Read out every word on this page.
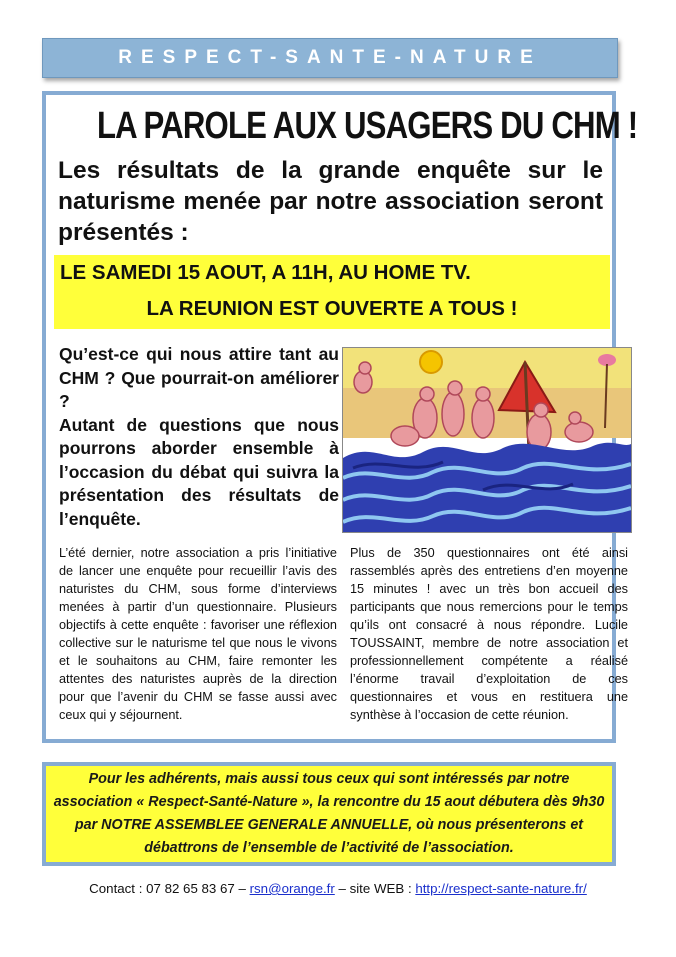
RESPECT-SANTE-NATURE
LA PAROLE AUX USAGERS DU CHM !
Les résultats de la grande enquête sur le naturisme menée par notre association seront présentés :
LE SAMEDI 15 AOUT, A 11H, AU HOME TV.
LA REUNION EST OUVERTE A TOUS !

Qu’est-ce qui nous attire tant au CHM ? Que pourrait-on améliorer ?

Autant de questions que nous pourrons aborder ensemble à l’occasion du débat qui suivra la présentation des résultats de l’enquête.

L’été dernier, notre association a pris l’initiative de lancer une enquête pour recueillir l’avis des naturistes du CHM, sous forme d’interviews menées à partir d’un questionnaire. Plusieurs objectifs à cette enquête : favoriser une réflexion collective sur le naturisme tel que nous le vivons et le souhaitons au CHM, faire remonter les attentes des naturistes auprès de la direction pour que l’avenir du CHM se fasse aussi avec ceux qui y séjournent.
Plus de 350 questionnaires ont été ainsi rassemblés après des entretiens d’en moyenne 15 minutes ! avec un très bon accueil des participants que nous remercions pour le temps qu’ils ont consacré à nous répondre. Lucile TOUSSAINT, membre de notre association et professionnellement compétente a réalisé l’énorme travail d’exploitation de ces questionnaires et vous en restituera une synthèse à l’occasion de cette réunion.
Pour les adhérents, mais aussi tous ceux qui sont intéressés par notre association « Respect-Santé-Nature », la rencontre du 15 aout débutera dès 9h30 par NOTRE ASSEMBLEE GENERALE ANNUELLE, où nous présenterons et débattrons de l’ensemble de l’activité de l’association.
Contact : 07 82 65 83 67 – rsn@orange.fr – site WEB : http://respect-sante-nature.fr/
